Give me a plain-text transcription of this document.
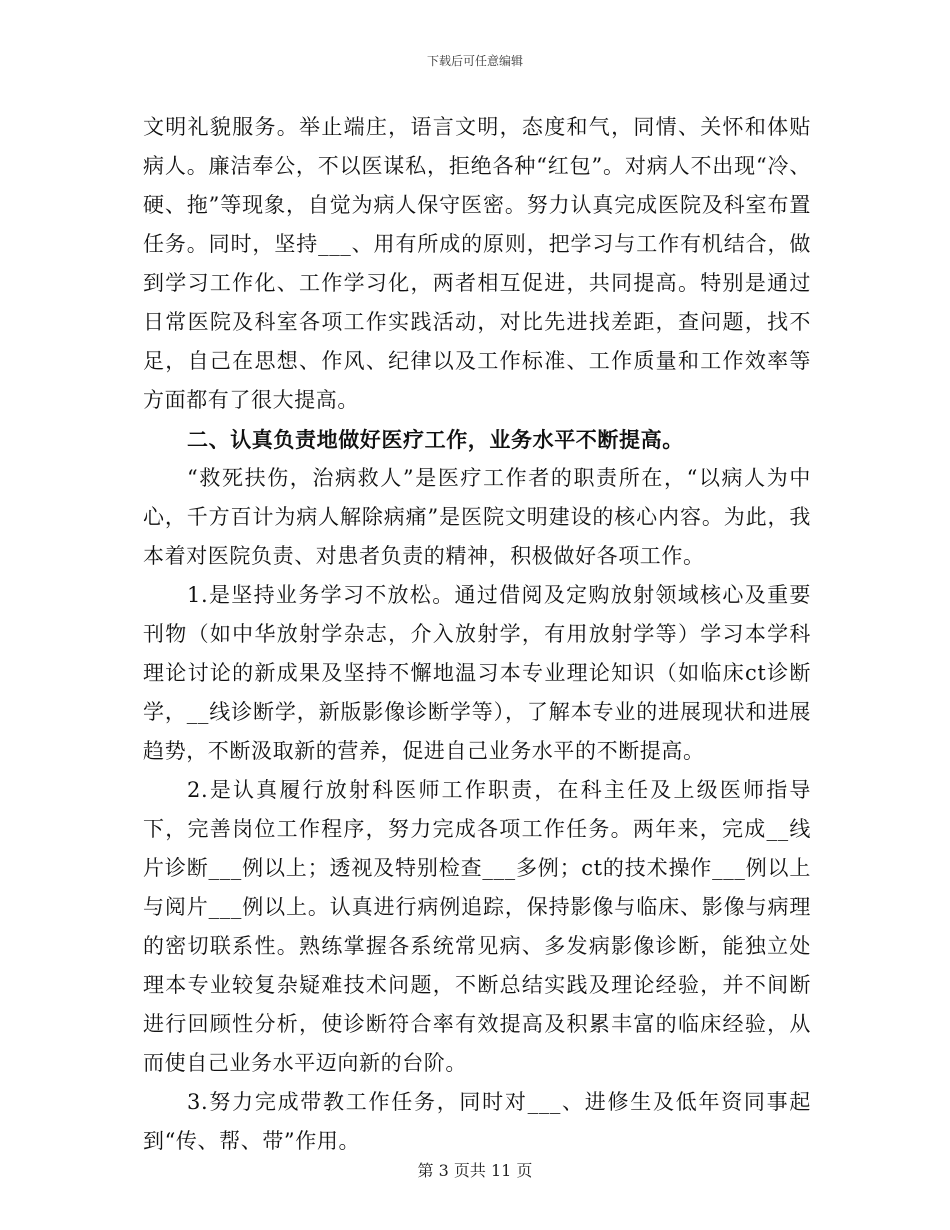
下载后可任意编辑

文明礼貌服务。举止端庄，语言文明，态度和气，同情、关怀和体贴病人。廉洁奉公，不以医谋私，拒绝各种“红包”。对病人不出现“冷、硬、拖”等现象，自觉为病人保守医密。努力认真完成医院及科室布置任务。同时，坚持___、用有所成的原则，把学习与工作有机结合，做到学习工作化、工作学习化，两者相互促进，共同提高。特别是通过日常医院及科室各项工作实践活动，对比先进找差距，查问题，找不足，自己在思想、作风、纪律以及工作标准、工作质量和工作效率等方面都有了很大提高。

二、认真负责地做好医疗工作，业务水平不断提高。

“救死扶伤，治病救人”是医疗工作者的职责所在，“以病人为中心，千方百计为病人解除病痛”是医院文明建设的核心内容。为此，我本着对医院负责、对患者负责的精神，积极做好各项工作。

1.是坚持业务学习不放松。通过借阅及定购放射领域核心及重要刊物（如中华放射学杂志，介入放射学，有用放射学等）学习本学科理论讨论的新成果及坚持不懈地温习本专业理论知识（如临床ct诊断学，__线诊断学，新版影像诊断学等），了解本专业的进展现状和进展趋势，不断汲取新的营养，促进自己业务水平的不断提高。

2.是认真履行放射科医师工作职责，在科主任及上级医师指导下，完善岗位工作程序，努力完成各项工作任务。两年来，完成__线片诊断___例以上；透视及特别检查___多例；ct的技术操作___例以上与阅片___例以上。认真进行病例追踪，保持影像与临床、影像与病理的密切联系性。熟练掌握各系统常见病、多发病影像诊断，能独立处理本专业较复杂疑难技术问题，不断总结实践及理论经验，并不间断进行回顾性分析，使诊断符合率有效提高及积累丰富的临床经验，从而使自己业务水平迈向新的台阶。

3.努力完成带教工作任务，同时对___、进修生及低年资同事起到“传、帮、带”作用。

第 3 页共 11 页
